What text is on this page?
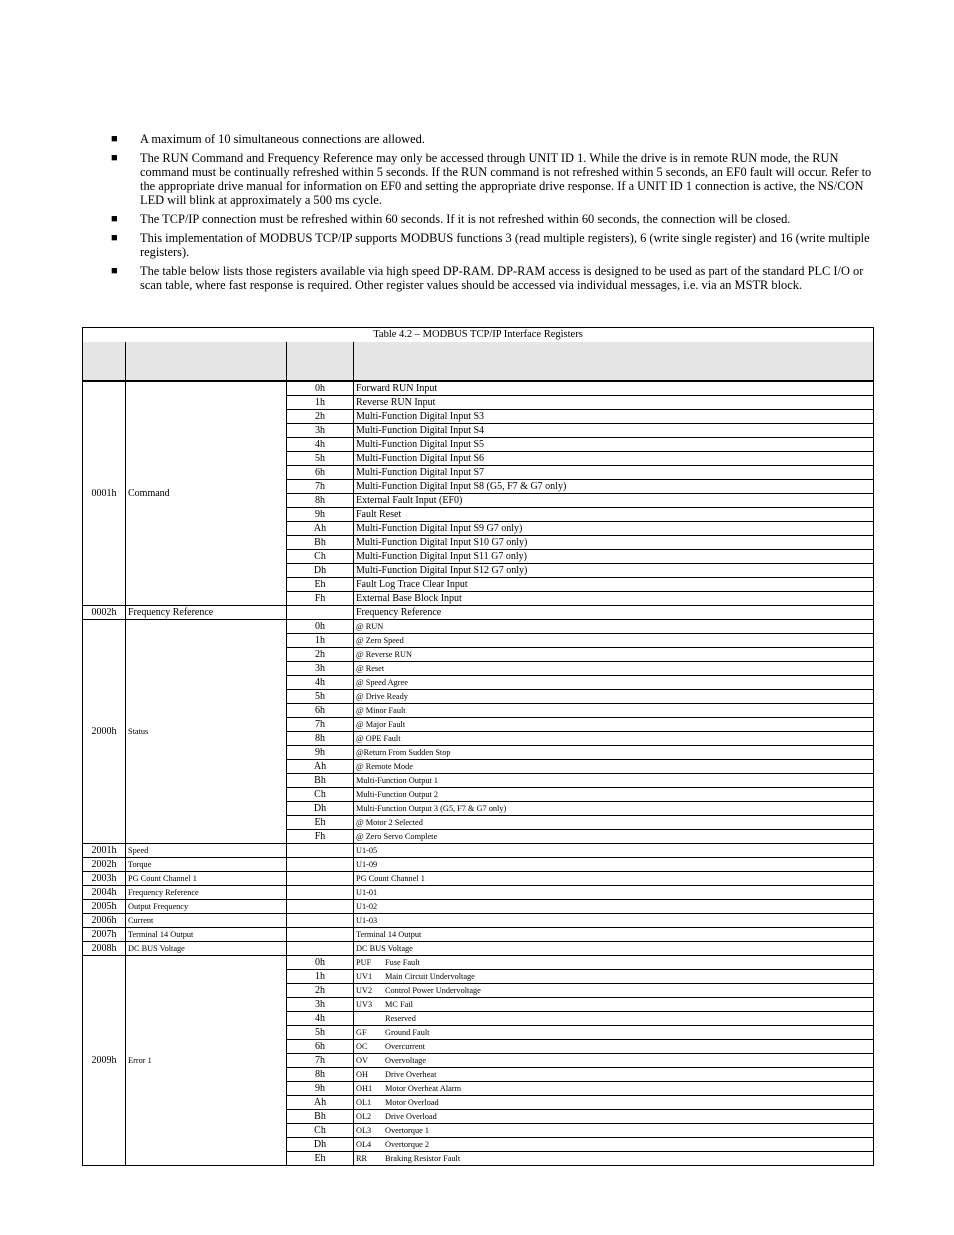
■ A maximum of 10 simultaneous connections are allowed.
■ The RUN Command and Frequency Reference may only be accessed through UNIT ID 1. While the drive is in remote RUN mode, the RUN command must be continually refreshed within 5 seconds. If the RUN command is not refreshed within 5 seconds, an EF0 fault will occur. Refer to the appropriate drive manual for information on EF0 and setting the appropriate drive response. If a UNIT ID 1 connection is active, the NS/CON LED will blink at approximately a 500 ms cycle.
■ The TCP/IP connection must be refreshed within 60 seconds. If it is not refreshed within 60 seconds, the connection will be closed.
■ This implementation of MODBUS TCP/IP supports MODBUS functions 3 (read multiple registers), 6 (write single register) and 16 (write multiple registers).
■ The table below lists those registers available via high speed DP-RAM. DP-RAM access is designed to be used as part of the standard PLC I/O or scan table, where fast response is required. Other register values should be accessed via individual messages, i.e. via an MSTR block.
Table 4.2 – MODBUS TCP/IP Interface Registers			

0001h	Command	0h	Forward RUN Input
		1h	Reverse RUN Input
		2h	Multi-Function Digital Input S3
		3h	Multi-Function Digital Input S4
		4h	Multi-Function Digital Input S5
		5h	Multi-Function Digital Input S6
		6h	Multi-Function Digital Input S7
		7h	Multi-Function Digital Input S8 (G5, F7 & G7 only)
		8h	External Fault Input (EF0)
		9h	Fault Reset
		Ah	Multi-Function Digital Input S9 G7 only)
		Bh	Multi-Function Digital Input S10 G7 only)
		Ch	Multi-Function Digital Input S11 G7 only)
		Dh	Multi-Function Digital Input S12 G7 only)
		Eh	Fault Log Trace Clear Input
		Fh	External Base Block Input
0002h	Frequency Reference		Frequency Reference
2000h	Status	0h	@ RUN
		1h	@ Zero Speed
		2h	@ Reverse RUN
		3h	@ Reset
		4h	@ Speed Agree
		5h	@ Drive Ready
		6h	@ Minor Fault
		7h	@ Major Fault
		8h	@ OPE Fault
		9h	@Return From Sudden Stop
		Ah	@ Remote Mode
		Bh	Multi-Function Output 1
		Ch	Multi-Function Output 2
		Dh	Multi-Function Output 3 (G5, F7 & G7 only)
		Eh	@ Motor 2 Selected
		Fh	@ Zero Servo Complete
2001h	Speed		U1-05
2002h	Torque		U1-09
2003h	PG Count Channel 1		PG Count Channel 1
2004h	Frequency Reference		U1-01
2005h	Output Frequency		U1-02
2006h	Current		U1-03
2007h	Terminal 14 Output		Terminal 14 Output
2008h	DC BUS Voltage		DC BUS Voltage
2009h	Error 1	0h	PUF Fuse Fault
		1h	UV1 Main Circuit Undervoltage
		2h	UV2 Control Power Undervoltage
		3h	UV3 MC Fail
		4h	Reserved
		5h	GF Ground Fault
		6h	OC Overcurrent
		7h	OV Overvoltage
		8h	OH Drive Overheat
		9h	OH1 Motor Overheat Alarm
		Ah	OL1 Motor Overload
		Bh	OL2 Drive Overload
		Ch	OL3 Overtorque 1
		Dh	OL4 Overtorque 2
		Eh	RR Braking Resistor Fault
